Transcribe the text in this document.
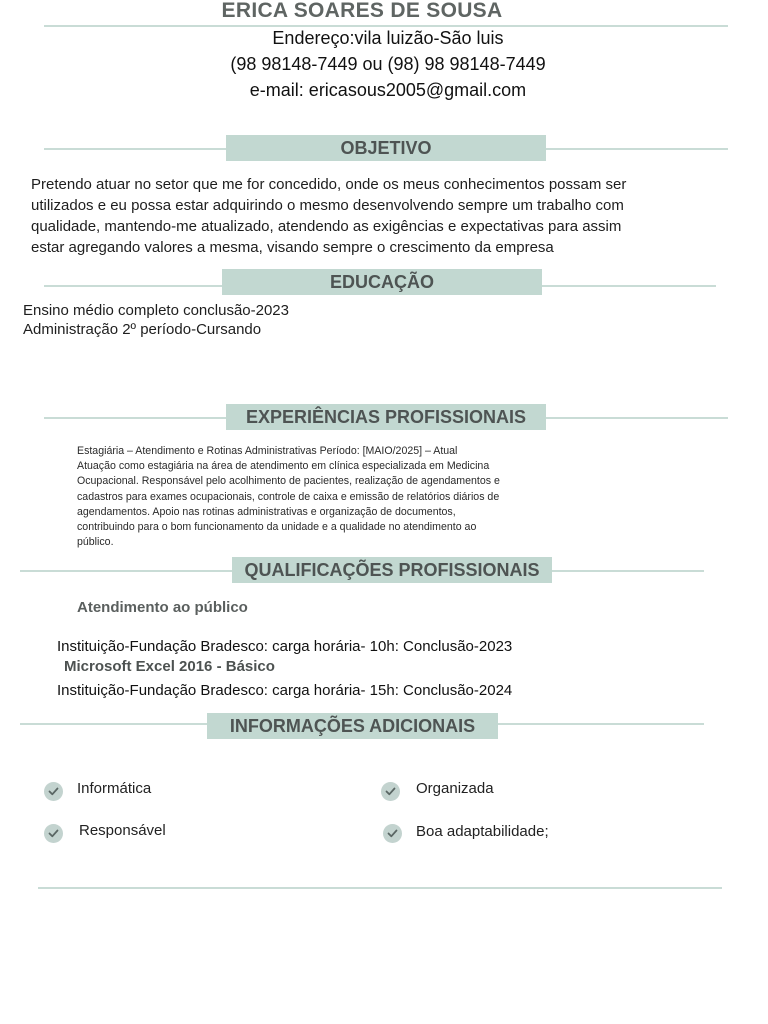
ERICA SOARES DE SOUSA
Endereço:vila luizão-São luis
(98 98148-7449 ou (98) 98 98148-7449
e-mail: ericasous2005@gmail.com
OBJETIVO
Pretendo atuar no setor que me for concedido, onde os meus conhecimentos possam ser
utilizados e eu possa estar adquirindo o mesmo desenvolvendo sempre um trabalho com
qualidade, mantendo-me atualizado, atendendo as exigências e expectativas para assim
estar agregando valores a mesma, visando sempre o crescimento da empresa
EDUCAÇÃO
Ensino médio completo conclusão-2023
Administração 2º período-Cursando
EXPERIÊNCIAS PROFISSIONAIS
Estagiária – Atendimento e Rotinas Administrativas Período: [MAIO/2025] – Atual
Atuação como estagiária na área de atendimento em clínica especializada em Medicina
Ocupacional. Responsável pelo acolhimento de pacientes, realização de agendamentos e
cadastros para exames ocupacionais, controle de caixa e emissão de relatórios diários de
agendamentos. Apoio nas rotinas administrativas e organização de documentos,
contribuindo para o bom funcionamento da unidade e a qualidade no atendimento ao
público.
QUALIFICAÇÕES PROFISSIONAIS
Atendimento ao público
Instituição-Fundação Bradesco: carga horária- 10h: Conclusão-2023
Microsoft Excel 2016 - Básico
Instituição-Fundação Bradesco: carga horária- 15h: Conclusão-2024
INFORMAÇÕES ADICIONAIS
Informática	Organizada
Responsável	Boa adaptabilidade;
